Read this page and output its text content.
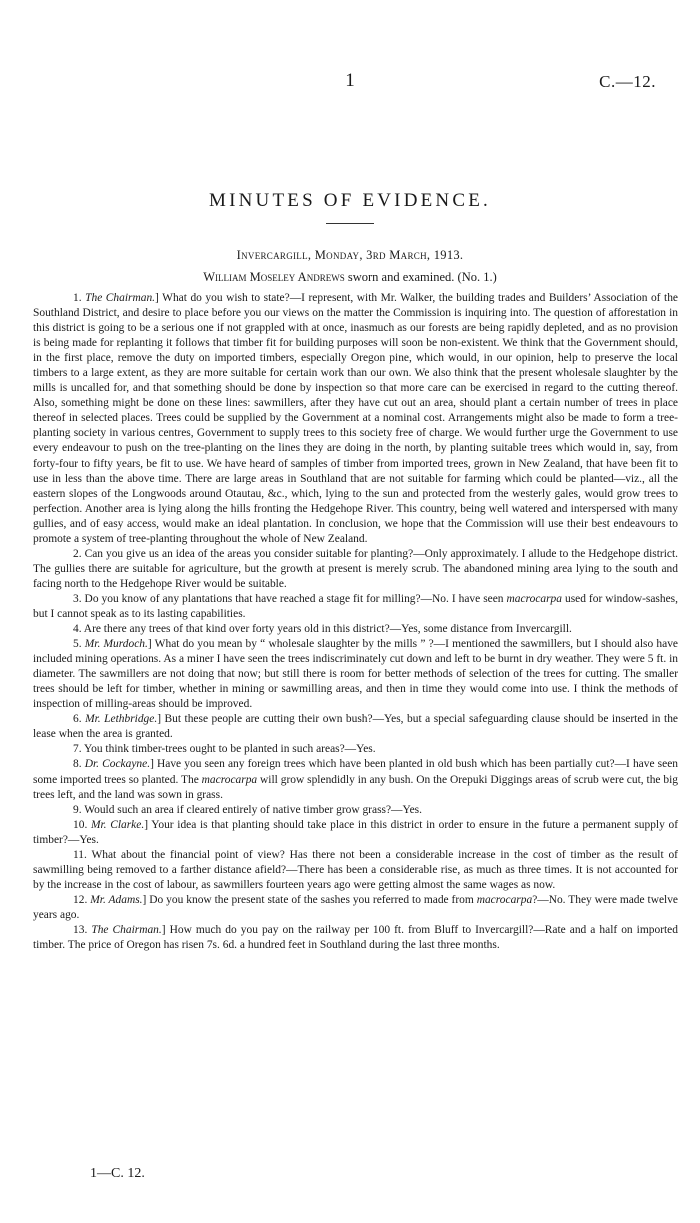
1	C.—12.
MINUTES OF EVIDENCE.
Invercargill, Monday, 3rd March, 1913.
William Moseley Andrews sworn and examined. (No. 1.)

1. The Chairman.] What do you wish to state?—I represent, with Mr. Walker, the building trades and Builders’ Association of the Southland District, and desire to place before you our views on the matter the Commission is inquiring into. The question of afforestation in this district is going to be a serious one if not grappled with at once, inasmuch as our forests are being rapidly depleted, and as no provision is being made for replanting it follows that timber fit for building purposes will soon be non-existent. We think that the Government should, in the first place, remove the duty on imported timbers, especially Oregon pine, which would, in our opinion, help to preserve the local timbers to a large extent, as they are more suitable for certain work than our own. We also think that the present wholesale slaughter by the mills is uncalled for, and that something should be done by inspection so that more care can be exercised in regard to the cutting thereof. Also, something might be done on these lines: sawmillers, after they have cut out an area, should plant a certain number of trees in place thereof in selected places. Trees could be supplied by the Government at a nominal cost. Arrangements might also be made to form a tree-planting society in various centres, Government to supply trees to this society free of charge. We would further urge the Government to use every endeavour to push on the tree-planting on the lines they are doing in the north, by planting suitable trees which would in, say, from forty-four to fifty years, be fit to use. We have heard of samples of timber from imported trees, grown in New Zealand, that have been fit to use in less than the above time. There are large areas in Southland that are not suitable for farming which could be planted—viz., all the eastern slopes of the Longwoods around Otautau, &c., which, lying to the sun and protected from the westerly gales, would grow trees to perfection. Another area is lying along the hills fronting the Hedgehope River. This country, being well watered and interspersed with many gullies, and of easy access, would make an ideal plantation. In conclusion, we hope that the Commission will use their best endeavours to promote a system of tree-planting throughout the whole of New Zealand.

2. Can you give us an idea of the areas you consider suitable for planting?—Only approximately. I allude to the Hedgehope district. The gullies there are suitable for agriculture, but the growth at present is merely scrub. The abandoned mining area lying to the south and facing north to the Hedgehope River would be suitable.

3. Do you know of any plantations that have reached a stage fit for milling?—No. I have seen macrocarpa used for window-sashes, but I cannot speak as to its lasting capabilities.

4. Are there any trees of that kind over forty years old in this district?—Yes, some distance from Invercargill.

5. Mr. Murdoch.] What do you mean by “ wholesale slaughter by the mills ” ?—I mentioned the sawmillers, but I should also have included mining operations. As a miner I have seen the trees indiscriminately cut down and left to be burnt in dry weather. They were 5 ft. in diameter. The sawmillers are not doing that now; but still there is room for better methods of selection of the trees for cutting. The smaller trees should be left for timber, whether in mining or sawmilling areas, and then in time they would come into use. I think the methods of inspection of milling-areas should be improved.

6. Mr. Lethbridge.] But these people are cutting their own bush?—Yes, but a special safeguarding clause should be inserted in the lease when the area is granted.

7. You think timber-trees ought to be planted in such areas?—Yes.

8. Dr. Cockayne.] Have you seen any foreign trees which have been planted in old bush which has been partially cut?—I have seen some imported trees so planted. The macrocarpa will grow splendidly in any bush. On the Orepuki Diggings areas of scrub were cut, the big trees left, and the land was sown in grass.

9. Would such an area if cleared entirely of native timber grow grass?—Yes.

10. Mr. Clarke.] Your idea is that planting should take place in this district in order to ensure in the future a permanent supply of timber?—Yes.

11. What about the financial point of view? Has there not been a considerable increase in the cost of timber as the result of sawmilling being removed to a farther distance afield?—There has been a considerable rise, as much as three times. It is not accounted for by the increase in the cost of labour, as sawmillers fourteen years ago were getting almost the same wages as now.

12. Mr. Adams.] Do you know the present state of the sashes you referred to made from macrocarpa?—No. They were made twelve years ago.

13. The Chairman.] How much do you pay on the railway per 100 ft. from Bluff to Invercargill?—Rate and a half on imported timber. The price of Oregon has risen 7s. 6d. a hundred feet in Southland during the last three months.

1—C. 12.
